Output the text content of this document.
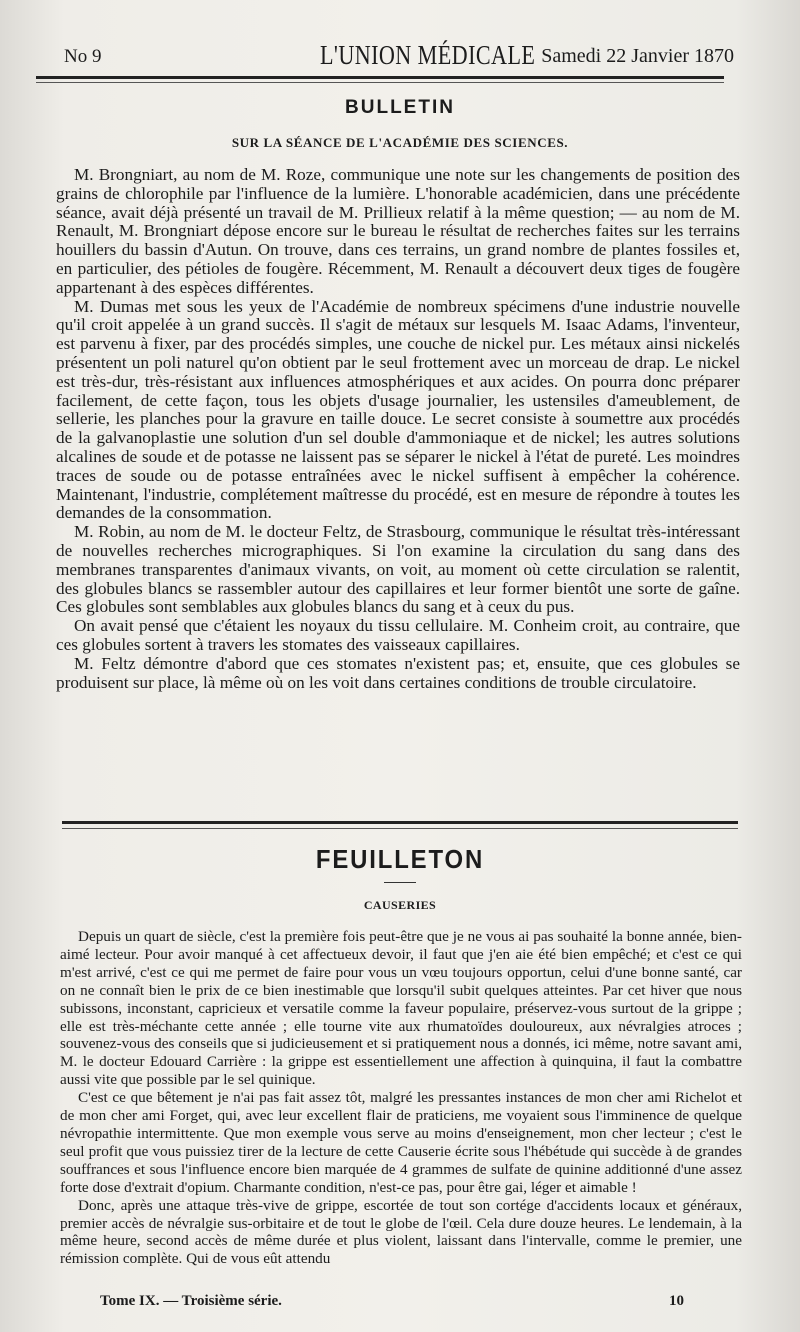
No 9	L'UNION MÉDICALE Samedi 22 Janvier 1870
BULLETIN
SUR LA SÉANCE DE L'ACADÉMIE DES SCIENCES.

M. Brongniart, au nom de M. Roze, communique une note sur les changements de position des grains de chlorophile par l'influence de la lumière. L'honorable académicien, dans une précédente séance, avait déjà présenté un travail de M. Prillieux relatif à la même question; — au nom de M. Renault, M. Brongniart dépose encore sur le bureau le résultat de recherches faites sur les terrains houillers du bassin d'Autun. On trouve, dans ces terrains, un grand nombre de plantes fossiles et, en particulier, des pétioles de fougère. Récemment, M. Renault a découvert deux tiges de fougère appartenant à des espèces différentes.

M. Dumas met sous les yeux de l'Académie de nombreux spécimens d'une industrie nouvelle qu'il croit appelée à un grand succès. Il s'agit de métaux sur lesquels M. Isaac Adams, l'inventeur, est parvenu à fixer, par des procédés simples, une couche de nickel pur. Les métaux ainsi nickelés présentent un poli naturel qu'on obtient par le seul frottement avec un morceau de drap. Le nickel est très-dur, très-résistant aux influences atmosphériques et aux acides. On pourra donc préparer facilement, de cette façon, tous les objets d'usage journalier, les ustensiles d'ameublement, de sellerie, les planches pour la gravure en taille douce. Le secret consiste à soumettre aux procédés de la galvanoplastie une solution d'un sel double d'ammoniaque et de nickel; les autres solutions alcalines de soude et de potasse ne laissent pas se séparer le nickel à l'état de pureté. Les moindres traces de soude ou de potasse entraînées avec le nickel suffisent à empêcher la cohérence. Maintenant, l'industrie, complétement maîtresse du procédé, est en mesure de répondre à toutes les demandes de la consommation.

M. Robin, au nom de M. le docteur Feltz, de Strasbourg, communique le résultat très-intéressant de nouvelles recherches micrographiques. Si l'on examine la circulation du sang dans des membranes transparentes d'animaux vivants, on voit, au moment où cette circulation se ralentit, des globules blancs se rassembler autour des capillaires et leur former bientôt une sorte de gaîne. Ces globules sont semblables aux globules blancs du sang et à ceux du pus.

On avait pensé que c'étaient les noyaux du tissu cellulaire. M. Conheim croit, au contraire, que ces globules sortent à travers les stomates des vaisseaux capillaires.

M. Feltz démontre d'abord que ces stomates n'existent pas; et, ensuite, que ces globules se produisent sur place, là même où on les voit dans certaines conditions de trouble circulatoire.

FEUILLETON
CAUSERIES

Depuis un quart de siècle, c'est la première fois peut-être que je ne vous ai pas souhaité la bonne année, bien-aimé lecteur. Pour avoir manqué à cet affectueux devoir, il faut que j'en aie été bien empêché; et c'est ce qui m'est arrivé, c'est ce qui me permet de faire pour vous un vœu toujours opportun, celui d'une bonne santé, car on ne connaît bien le prix de ce bien inestimable que lorsqu'il subit quelques atteintes. Par cet hiver que nous subissons, inconstant, capricieux et versatile comme la faveur populaire, préservez-vous surtout de la grippe ; elle est très-méchante cette année ; elle tourne vite aux rhumatoïdes douloureux, aux névralgies atroces ; souvenez-vous des conseils que si judicieusement et si pratiquement nous a donnés, ici même, notre savant ami, M. le docteur Edouard Carrière : la grippe est essentiellement une affection à quinquina, il faut la combattre aussi vite que possible par le sel quinique.

C'est ce que bêtement je n'ai pas fait assez tôt, malgré les pressantes instances de mon cher ami Richelot et de mon cher ami Forget, qui, avec leur excellent flair de praticiens, me voyaient sous l'imminence de quelque névropathie intermittente. Que mon exemple vous serve au moins d'enseignement, mon cher lecteur ; c'est le seul profit que vous puissiez tirer de la lecture de cette Causerie écrite sous l'hébétude qui succède à de grandes souffrances et sous l'influence encore bien marquée de 4 grammes de sulfate de quinine additionné d'une assez forte dose d'extrait d'opium. Charmante condition, n'est-ce pas, pour être gai, léger et aimable !

Donc, après une attaque très-vive de grippe, escortée de tout son cortége d'accidents locaux et généraux, premier accès de névralgie sus-orbitaire et de tout le globe de l'œil. Cela dure douze heures. Le lendemain, à la même heure, second accès de même durée et plus violent, laissant dans l'intervalle, comme le premier, une rémission complète. Qui de vous eût attendu

Tome IX. — Troisième série.	10
